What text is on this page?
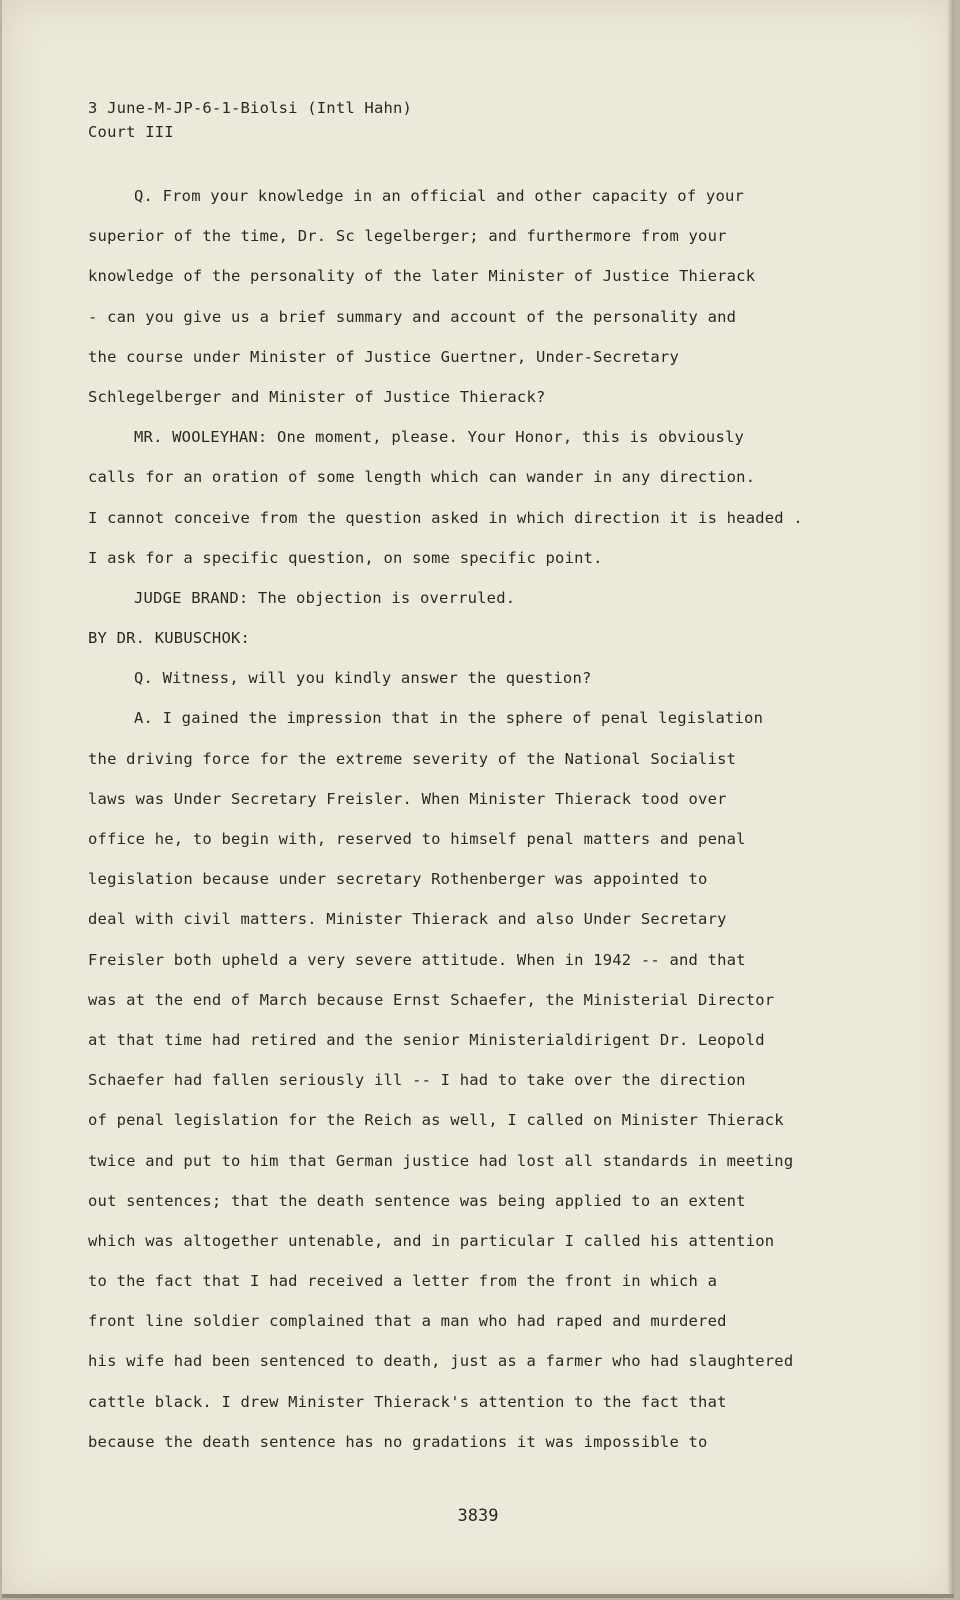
3 June-M-JP-6-1-Biolsi (Intl Hahn)
Court III
Q. From your knowledge in an official and other capacity of your
superior of the time, Dr. Sc legelberger; and furthermore from your
knowledge of the personality of the later Minister of Justice Thierack
- can you give us a brief summary and account of the personality and
the course under Minister of Justice Guertner, Under-Secretary
Schlegelberger and Minister of Justice Thierack?
MR. WOOLEYHAN: One moment, please. Your Honor, this is obviously
calls for an oration of some length which can wander in any direction.
I cannot conceive from the question asked in which direction it is headed .
I ask for a specific question, on some specific point.
JUDGE BRAND: The objection is overruled.
BY DR. KUBUSCHOK:
Q. Witness, will you kindly answer the question?
A. I gained the impression that in the sphere of penal legislation
the driving force for the extreme severity of the National Socialist
laws was Under Secretary Freisler. When Minister Thierack tood over
office he, to begin with, reserved to himself penal matters and penal
legislation because under secretary Rothenberger was appointed to
deal with civil matters. Minister Thierack and also Under Secretary
Freisler both upheld a very severe attitude. When in 1942 -- and that
was at the end of March because Ernst Schaefer, the Ministerial Director
at that time had retired and the senior Ministerialdirigent Dr. Leopold
Schaefer had fallen seriously ill -- I had to take over the direction
of penal legislation for the Reich as well, I called on Minister Thierack
twice and put to him that German justice had lost all standards in meeting
out sentences; that the death sentence was being applied to an extent
which was altogether untenable, and in particular I called his attention
to the fact that I had received a letter from the front in which a
front line soldier complained that a man who had raped and murdered
his wife had been sentenced to death, just as a farmer who had slaughtered
cattle black. I drew Minister Thierack's attention to the fact that
because the death sentence has no gradations it was impossible to
3839
